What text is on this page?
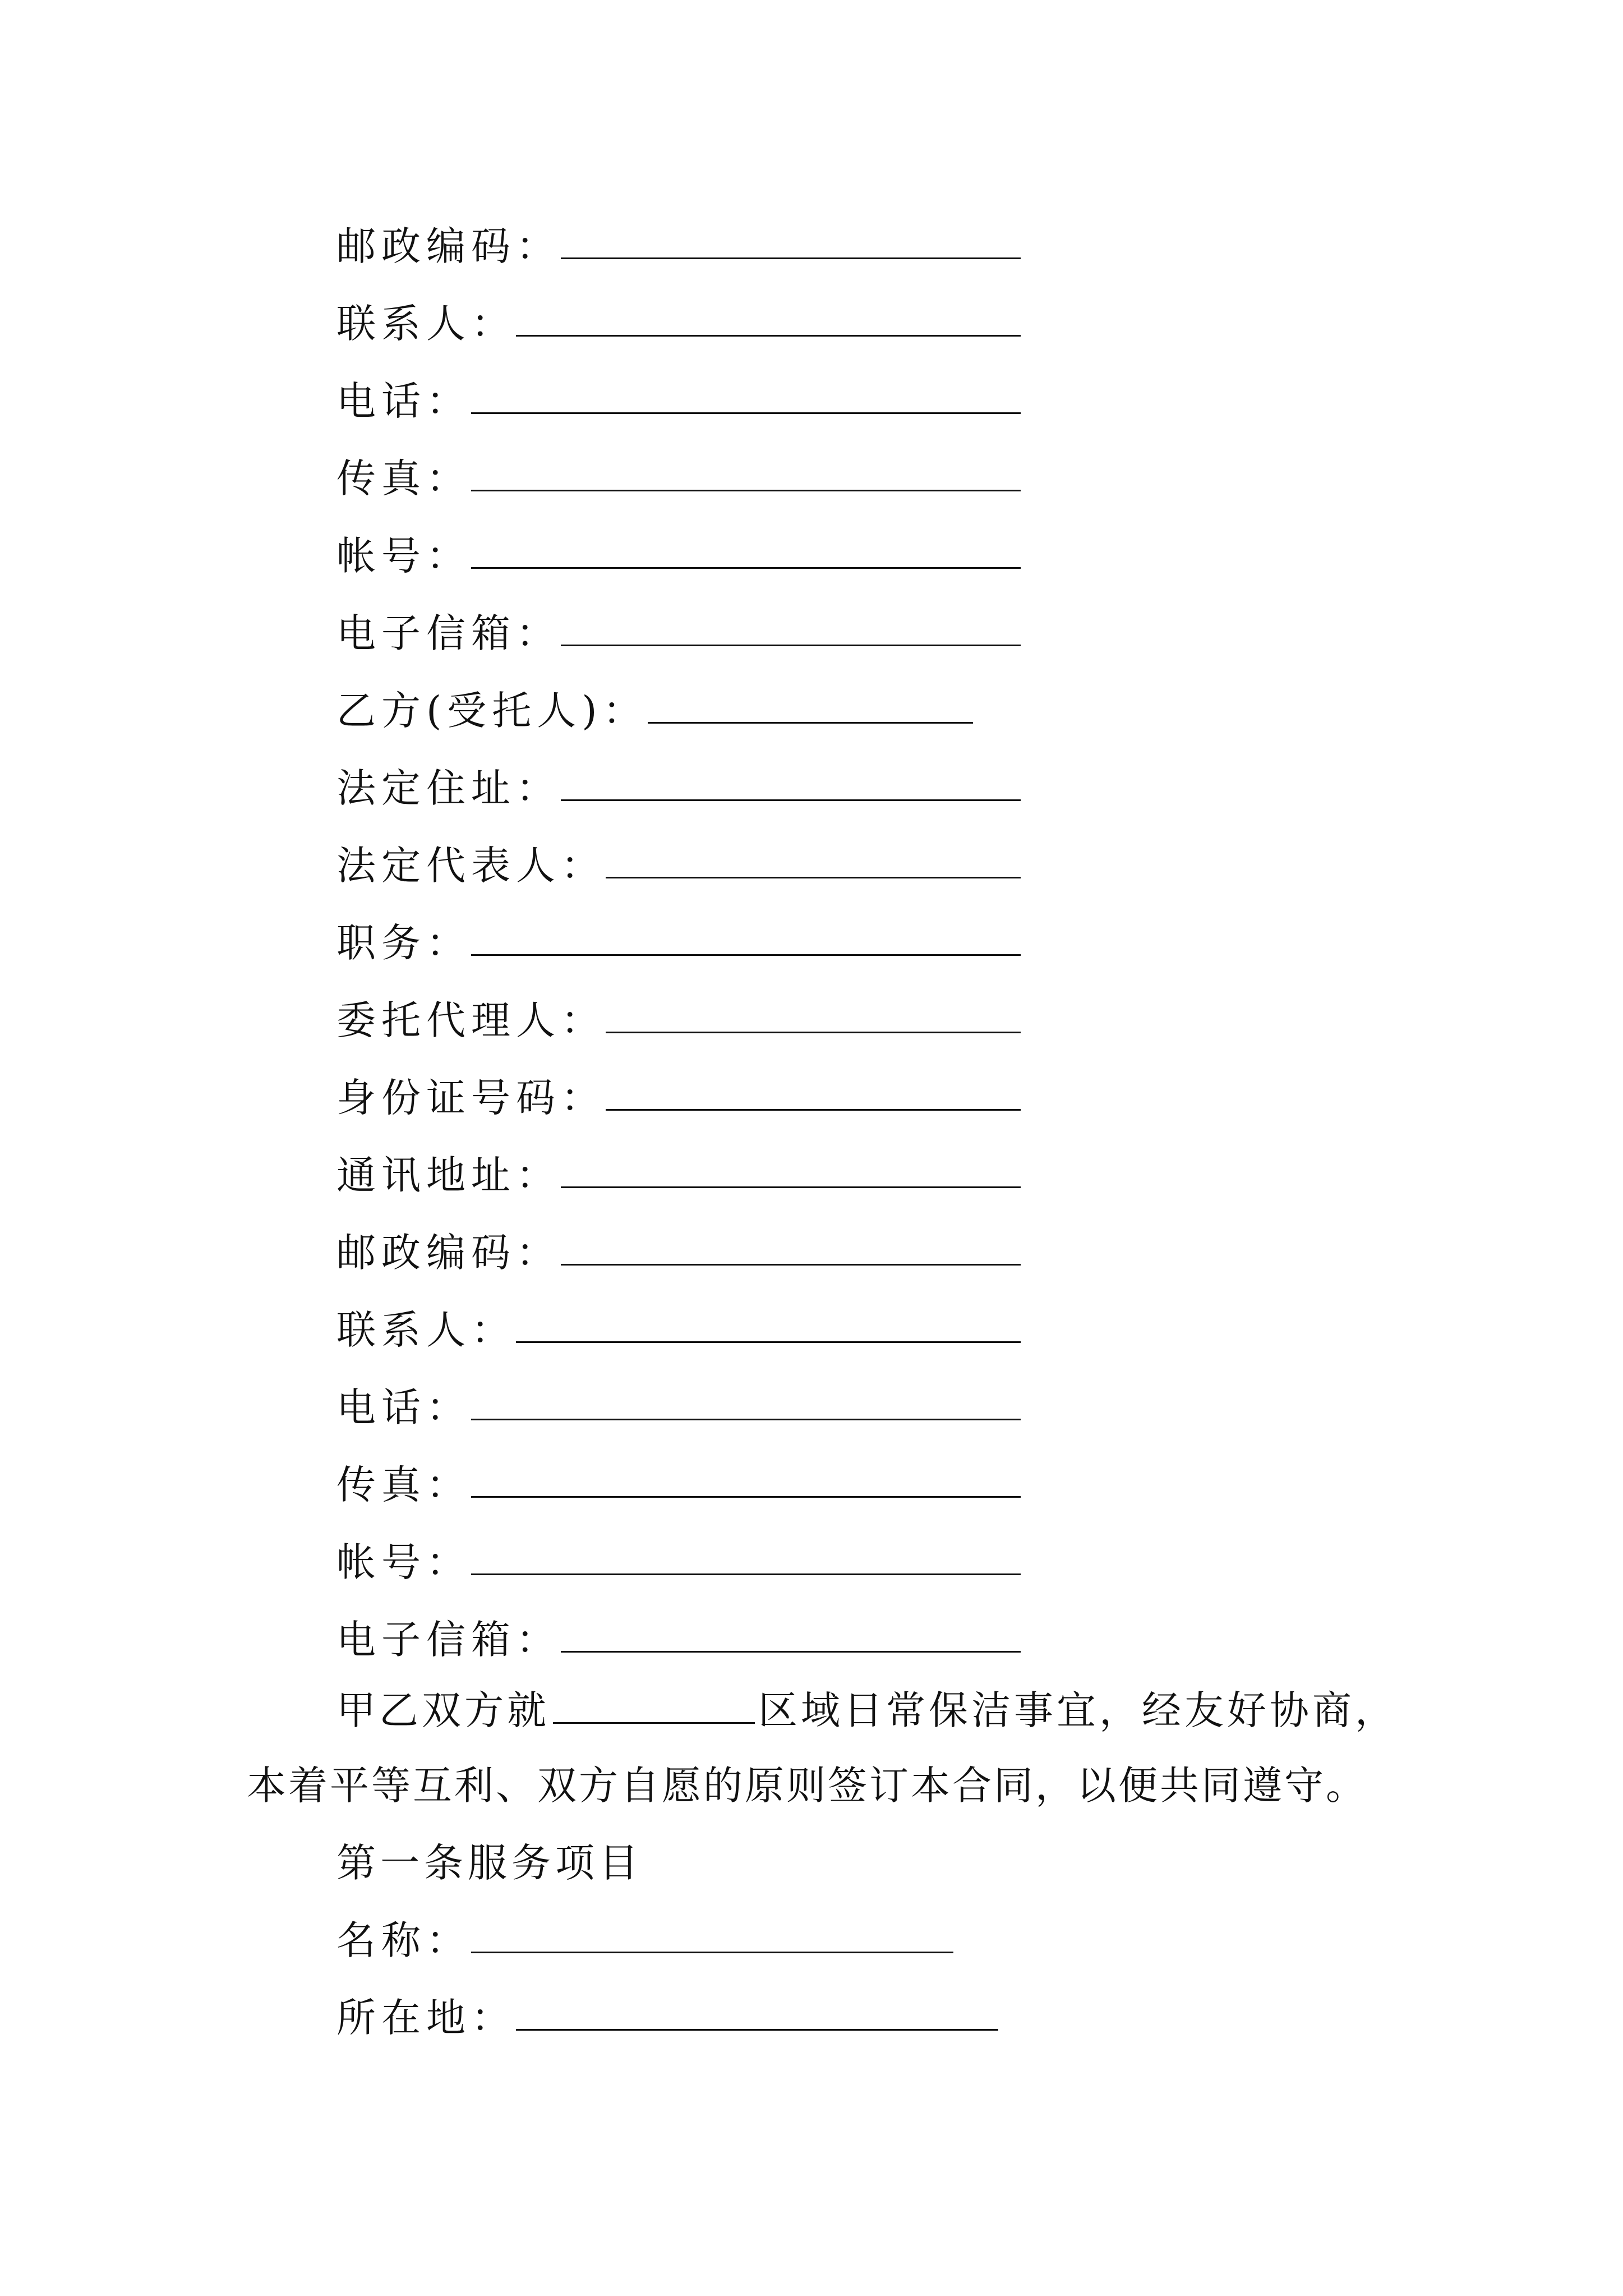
邮政编码：
联系人：
电话：
传真：
帐号：
电子信箱：
乙方(受托人)：
法定住址：
法定代表人：
职务：
委托代理人：
身份证号码：
通讯地址：
邮政编码：
联系人：
电话：
传真：
帐号：
电子信箱：
甲乙双方就	区域日常保洁事宜，经友好协商，
本着平等互利、双方自愿的原则签订本合同，以便共同遵守。
第一条服务项目
名称：
所在地：
